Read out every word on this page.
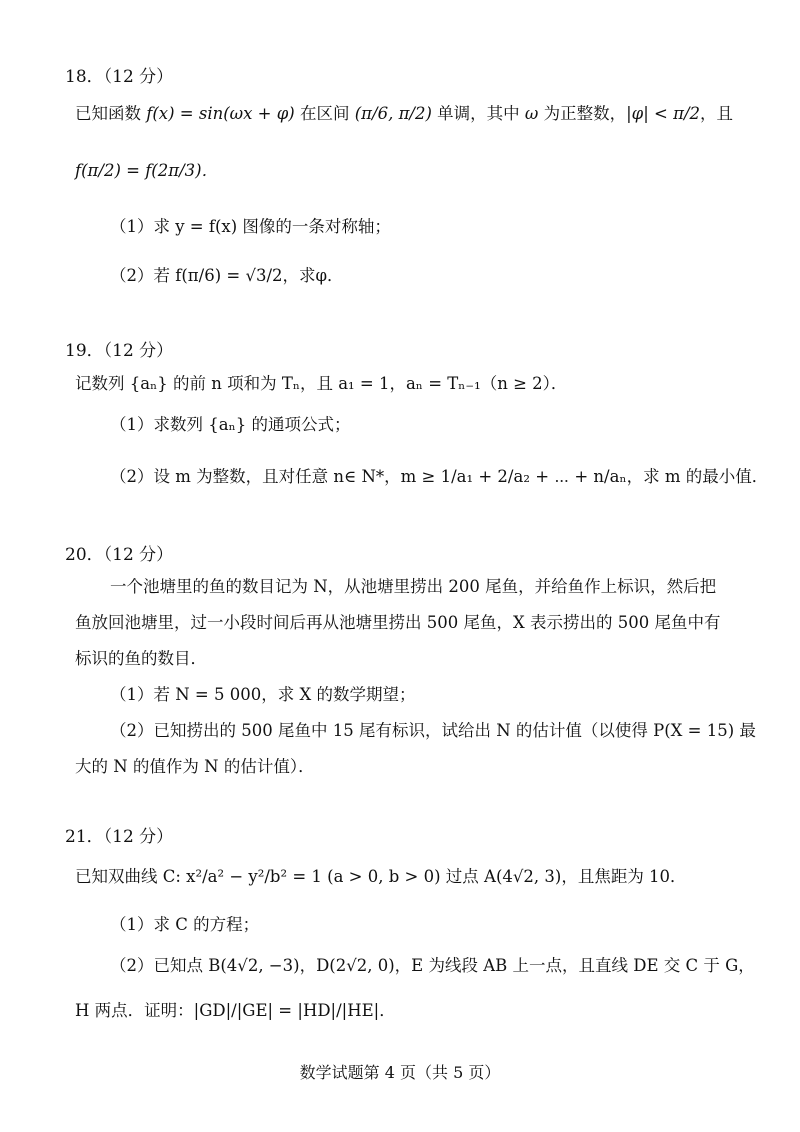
18．（12 分）
已知函数 f(x) = sin(ωx + φ) 在区间 (π/6, π/2) 单调，其中 ω 为正整数，|φ| < π/2，且
f(π/2) = f(2π/3)．
（1）求 y = f(x) 图像的一条对称轴；
（2）若 f(π/6) = √3/2，求φ．
19．（12 分）
记数列 {aₙ} 的前 n 项和为 Tₙ，且 a₁ = 1，aₙ = Tₙ₋₁（n ≥ 2）．
（1）求数列 {aₙ} 的通项公式；
（2）设 m 为整数，且对任意 n∈ N*，m ≥ 1/a₁ + 2/a₂ + ⋯ + n/aₙ，求 m 的最小值．
20．（12 分）
一个池塘里的鱼的数目记为 N，从池塘里捞出 200 尾鱼，并给鱼作上标识，然后把
鱼放回池塘里，过一小段时间后再从池塘里捞出 500 尾鱼，X 表示捞出的 500 尾鱼中有
标识的鱼的数目．
（1）若 N = 5 000，求 X 的数学期望；
（2）已知捞出的 500 尾鱼中 15 尾有标识，试给出 N 的估计值（以使得 P(X = 15) 最
大的 N 的值作为 N 的估计值）．
21．（12 分）
已知双曲线 C: x²/a² − y²/b² = 1 (a > 0, b > 0) 过点 A(4√2, 3)，且焦距为 10．
（1）求 C 的方程；
（2）已知点 B(4√2, −3)，D(2√2, 0)，E 为线段 AB 上一点，且直线 DE 交 C 于 G，
H 两点．证明：|GD|/|GE| = |HD|/|HE|．
数学试题第 4 页（共 5 页）
